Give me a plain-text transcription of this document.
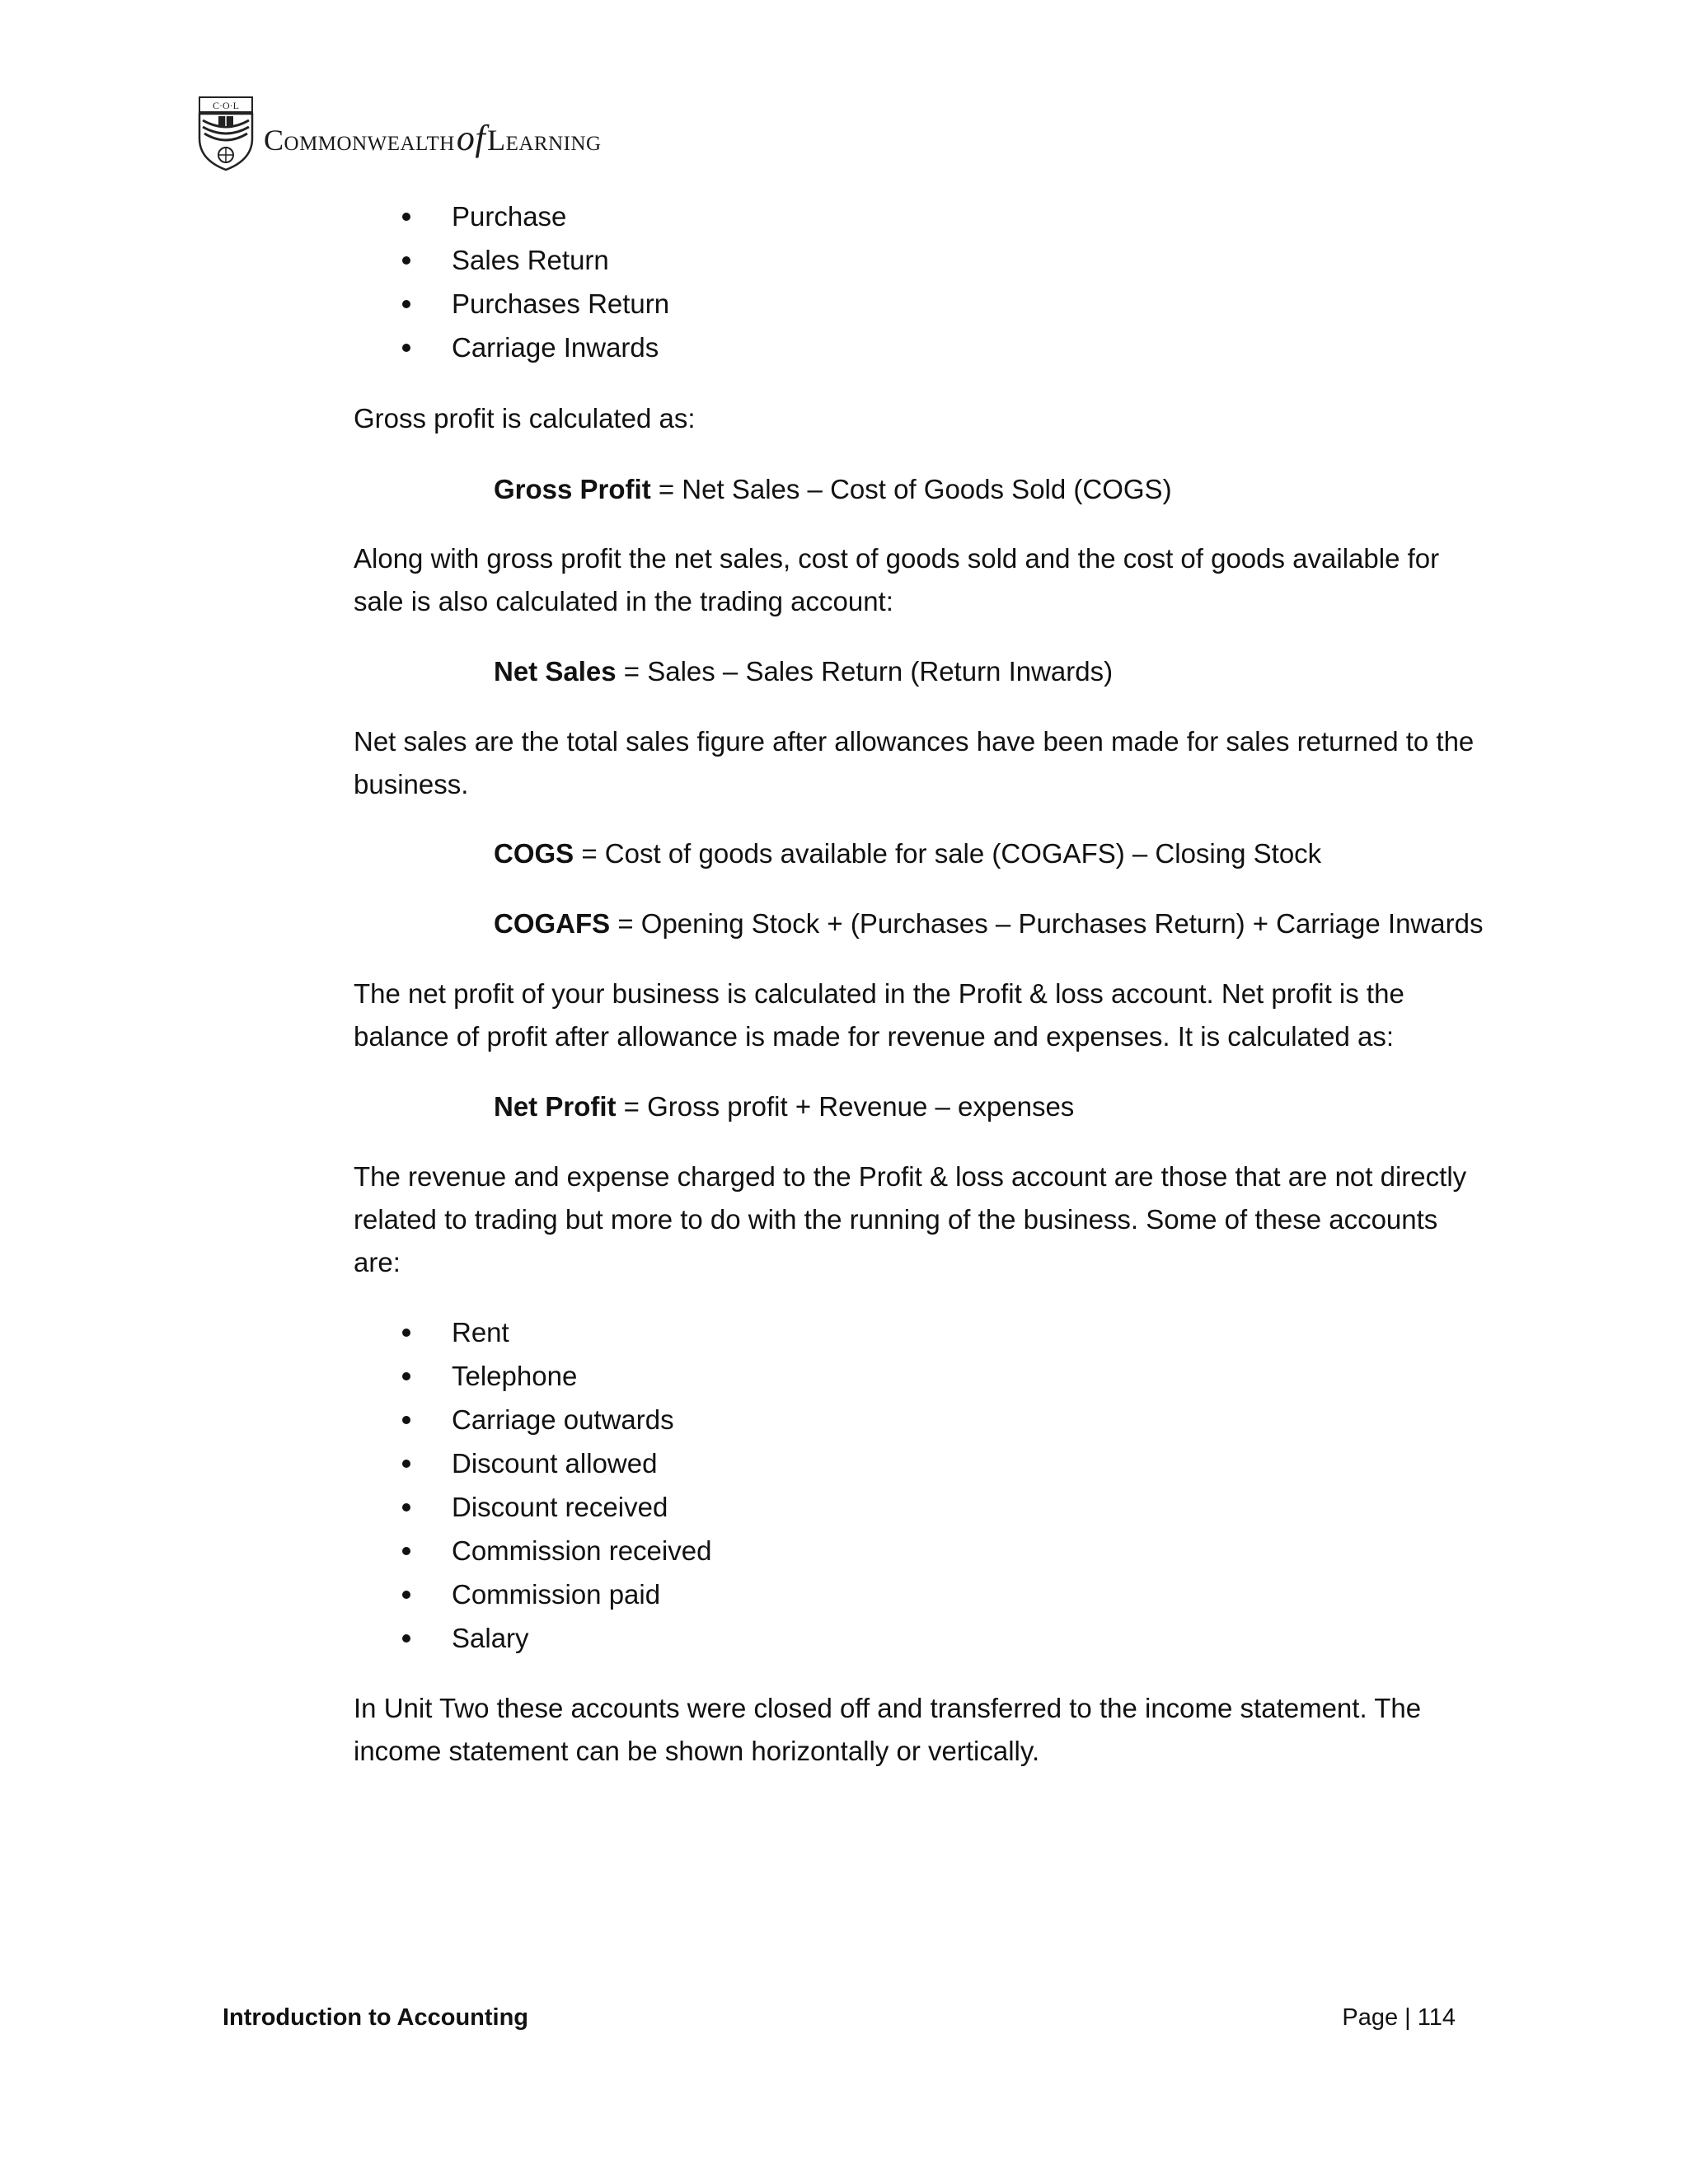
C·O·L
CommonwealthofLearning
Purchase
Sales Return
Purchases Return
Carriage Inwards

Gross profit is calculated as:

Gross Profit = Net Sales – Cost of Goods Sold (COGS)

Along with gross profit the net sales, cost of goods sold and the cost of goods available for sale is also calculated in the trading account:

Net Sales = Sales – Sales Return (Return Inwards)

Net sales are the total sales figure after allowances have been made for sales returned to the business.

COGS = Cost of goods available for sale (COGAFS) – Closing Stock

COGAFS = Opening Stock + (Purchases – Purchases Return) + Carriage Inwards

The net profit of your business is calculated in the Profit & loss account. Net profit is the balance of profit after allowance is made for revenue and expenses. It is calculated as:

Net Profit = Gross profit + Revenue – expenses

The revenue and expense charged to the Profit & loss account are those that are not directly related to trading but more to do with the running of the business. Some of these accounts are:

Rent
Telephone
Carriage outwards
Discount allowed
Discount received
Commission received
Commission paid
Salary

In Unit Two these accounts were closed off and transferred to the income statement. The income statement can be shown horizontally or vertically.

Introduction to Accounting	Page | 114
